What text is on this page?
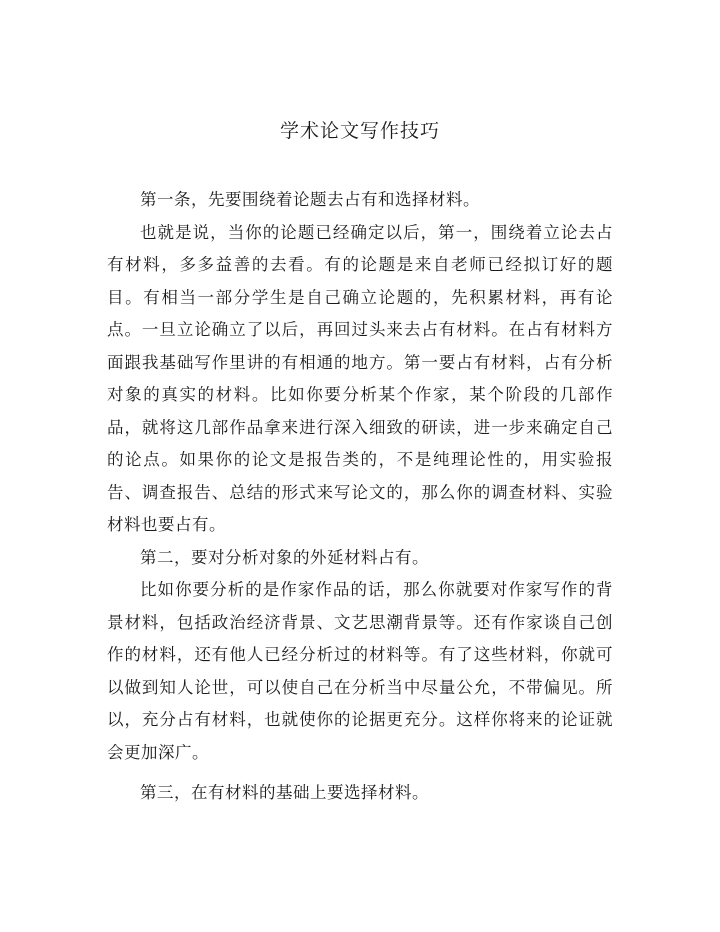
学术论文写作技巧

第一条，先要围绕着论题去占有和选择材料。

也就是说，当你的论题已经确定以后，第一，围绕着立论去占有材料，多多益善的去看。有的论题是来自老师已经拟订好的题目。有相当一部分学生是自己确立论题的，先积累材料，再有论点。一旦立论确立了以后，再回过头来去占有材料。在占有材料方面跟我基础写作里讲的有相通的地方。第一要占有材料，占有分析对象的真实的材料。比如你要分析某个作家，某个阶段的几部作品，就将这几部作品拿来进行深入细致的研读，进一步来确定自己的论点。如果你的论文是报告类的，不是纯理论性的，用实验报告、调查报告、总结的形式来写论文的，那么你的调查材料、实验材料也要占有。

第二，要对分析对象的外延材料占有。

比如你要分析的是作家作品的话，那么你就要对作家写作的背景材料，包括政治经济背景、文艺思潮背景等。还有作家谈自己创作的材料，还有他人已经分析过的材料等。有了这些材料，你就可以做到知人论世，可以使自己在分析当中尽量公允，不带偏见。所以，充分占有材料，也就使你的论据更充分。这样你将来的论证就会更加深广。

第三，在有材料的基础上要选择材料。
